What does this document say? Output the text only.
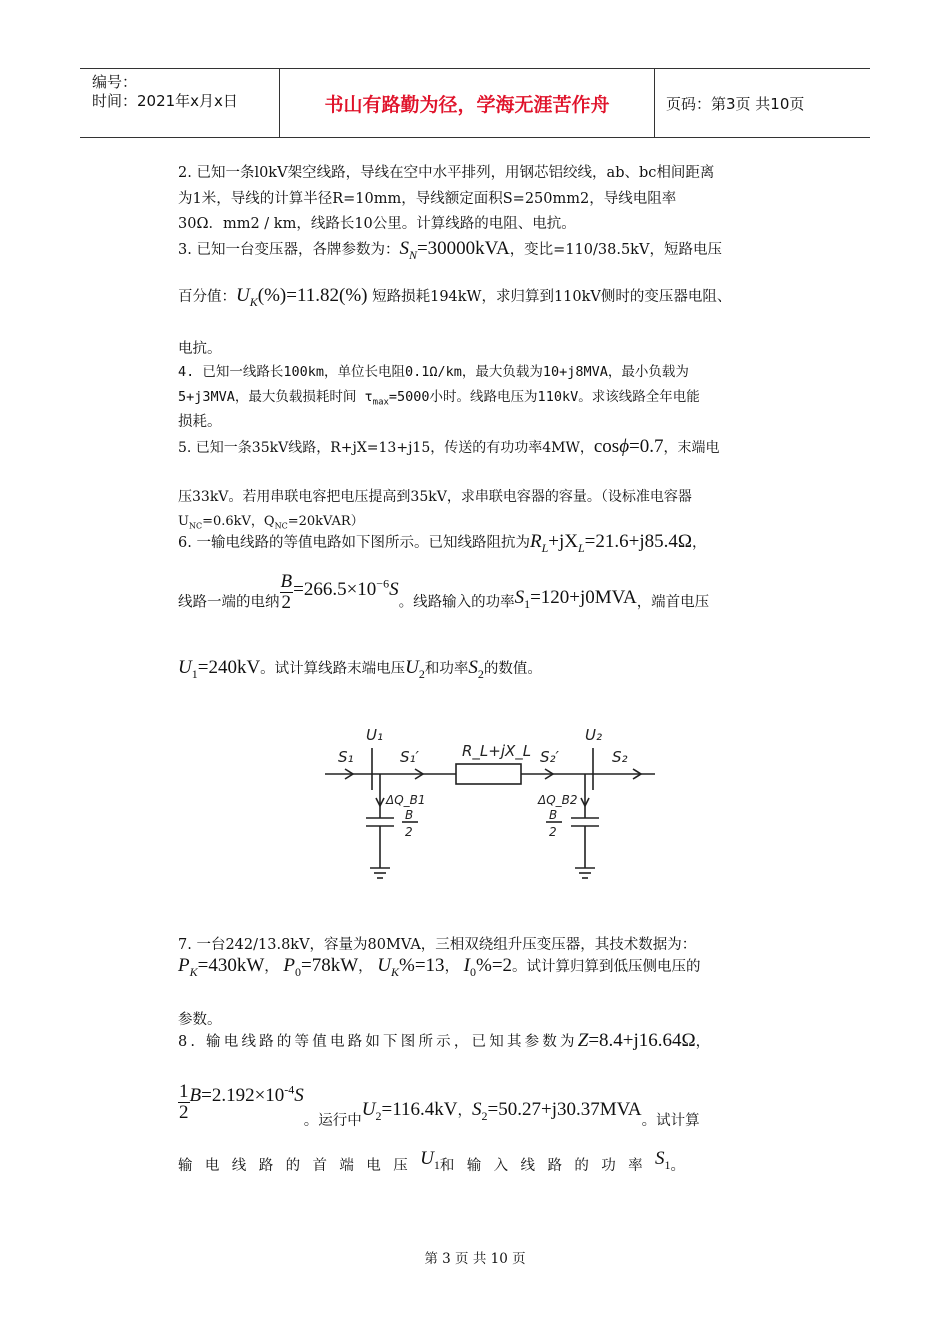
编号：
时间：2021年x月x日	书山有路勤为径，学海无涯苦作舟	页码：第3页 共10页
2. 已知一条l0kV架空线路，导线在空中水平排列，用钢芯铝绞线，ab、bc相间距离
为1米，导线的计算半径R=10mm，导线额定面积S=250mm2，导线电阻率
30Ω．mm2 / km，线路长10公里。计算线路的电阻、电抗。
3. 已知一台变压器，各牌参数为：$S_N=30000kVA$，变比=110/38.5kV，短路电压
百分值：$U_K(\%)=11.82(\%)$ 短路损耗194kW，求归算到110kV侧时的变压器电阻、
电抗。
4. 已知一线路长100km，单位长电阻0.1Ω/km，最大负载为10+j8MVA，最小负载为
5+j3MVA，最大负载损耗时间 $\tau_{max}=5000$小时。线路电压为110kV。求该线路全年电能
损耗。
5. 已知一条35kV线路，R+jX=13+j15，传送的有功功率4MW，cosϕ=0.7，末端电
压33kV。若用串联电容把电压提高到35kV，求串联电容器的容量。（设标准电容器
$U_{NC}=0.6kV$，$Q_{NC}=20kVAR$）
6. 一输电线路的等值电路如下图所示。已知线路阻抗为$R_L+jX_L=21.6+j85.4\Omega$，
线路一端的电纳 $\frac{B}{2} =266.5\times 10^{-6}S$。线路输入的功率$S_1=120+j0MVA$，端首电压
$U_1=240kV$。试计算线路末端电压$U_2$和功率$S_2$的数值。
U₁	U₂
S₁	S₁′	R_L+jX_L S₂′	S₂
ΔQ_B1	ΔQ_B2
B
2
B
2
7. 一台242/13.8kV，容量为80MVA，三相双绕组升压变压器，其技术数据为：
$P_K=430kW$， $P_0=78kW$， $U_K\%=13$， $I_0\%=2$。试计算归算到低压侧电压的
参数。
8. 输电线路的等值电路如下图所示，已知其参数为Z=8.4+j16.64Ω，
$\frac{1}{2} B=2.192\times 10^{-4}S$。运行中$U_2=116.4kV$，$S_2=50.27+j30.37MVA$。试计算
输电线路的首端电压$U_1$和输入线路的功率$S_1$。
第 3 页 共 10 页
